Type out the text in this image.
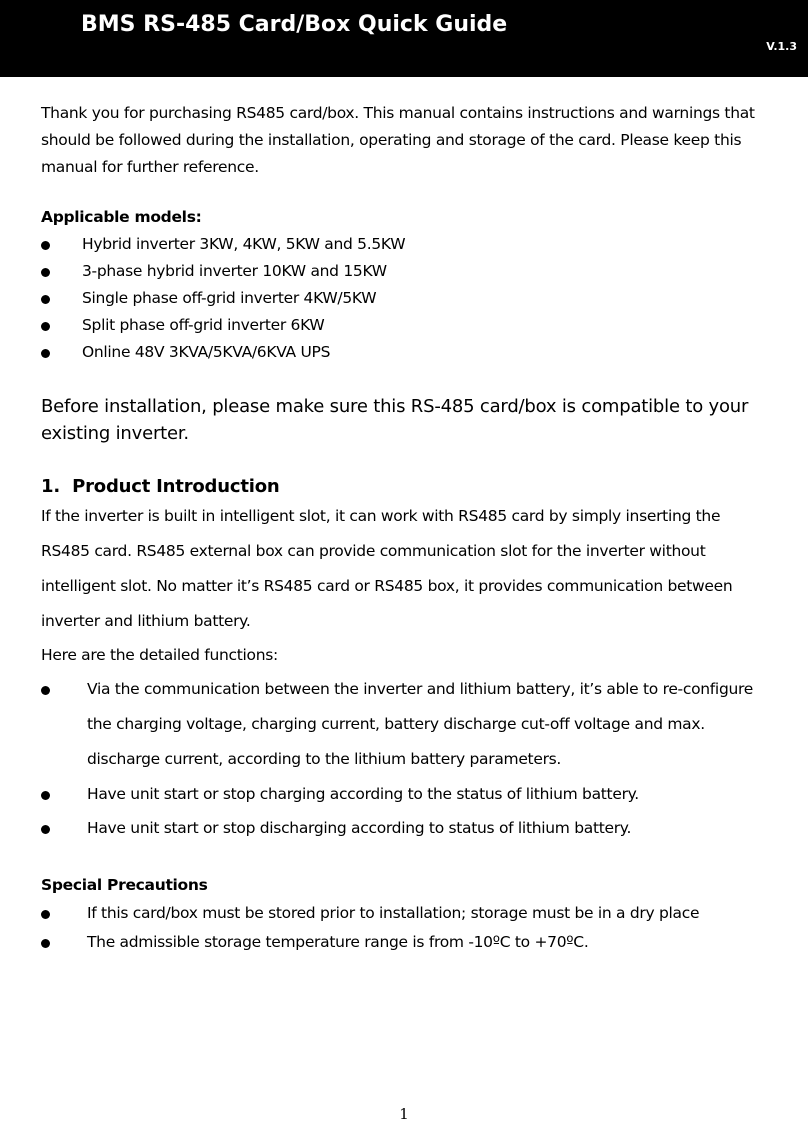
BMS RS-485 Card/Box Quick Guide
V.1.3
Thank you for purchasing RS485 card/box. This manual contains instructions and warnings that
should be followed during the installation, operating and storage of the card. Please keep this
manual for further reference.
Applicable models:
Hybrid inverter 3KW, 4KW, 5KW and 5.5KW
3-phase hybrid inverter 10KW and 15KW
Single phase off-grid inverter 4KW/5KW
Split phase off-grid inverter 6KW
Online 48V 3KVA/5KVA/6KVA UPS
Before installation, please make sure this RS-485 card/box is compatible to your
existing inverter.
1. Product Introduction
If the inverter is built in intelligent slot, it can work with RS485 card by simply inserting the
RS485 card. RS485 external box can provide communication slot for the inverter without
intelligent slot. No matter it’s RS485 card or RS485 box, it provides communication between
inverter and lithium battery.
Here are the detailed functions:
Via the communication between the inverter and lithium battery, it’s able to re-configure
the charging voltage, charging current, battery discharge cut-off voltage and max.
discharge current, according to the lithium battery parameters.
Have unit start or stop charging according to the status of lithium battery.
Have unit start or stop discharging according to status of lithium battery.
Special Precautions
If this card/box must be stored prior to installation; storage must be in a dry place
The admissible storage temperature range is from -10ºC to +70ºC.
1
